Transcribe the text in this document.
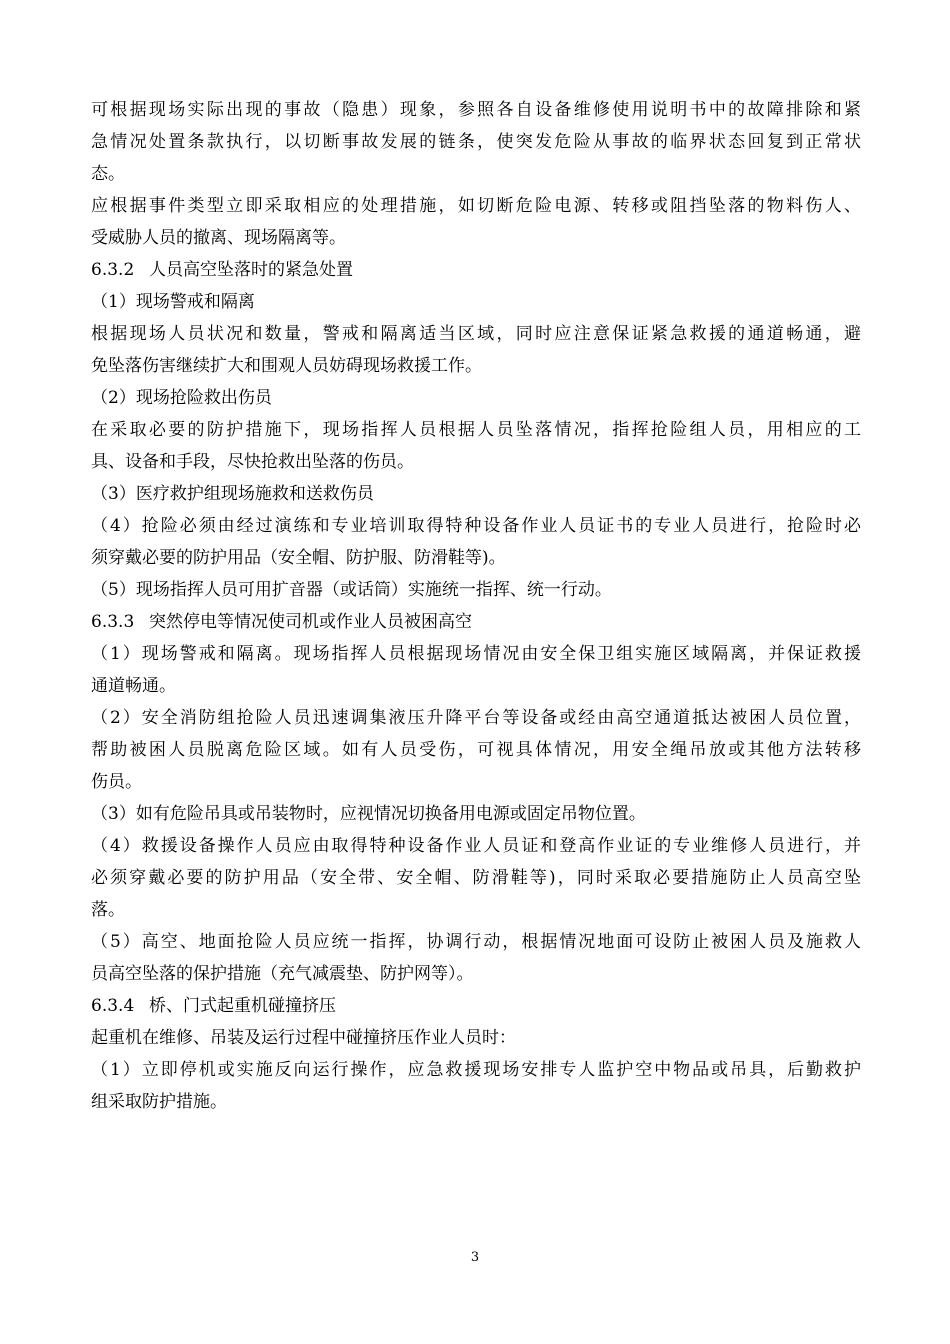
可根据现场实际出现的事故（隐患）现象，参照各自设备维修使用说明书中的故障排除和紧
急情况处置条款执行，以切断事故发展的链条，使突发危险从事故的临界状态回复到正常状
态。
应根据事件类型立即采取相应的处理措施，如切断危险电源、转移或阻挡坠落的物料伤人、
受威胁人员的撤离、现场隔离等。
6.3.2 人员高空坠落时的紧急处置
（1）现场警戒和隔离
根据现场人员状况和数量，警戒和隔离适当区域，同时应注意保证紧急救援的通道畅通，避
免坠落伤害继续扩大和围观人员妨碍现场救援工作。
（2）现场抢险救出伤员
在采取必要的防护措施下，现场指挥人员根据人员坠落情况，指挥抢险组人员，用相应的工
具、设备和手段，尽快抢救出坠落的伤员。
（3）医疗救护组现场施救和送救伤员
（4）抢险必须由经过演练和专业培训取得特种设备作业人员证书的专业人员进行，抢险时必
须穿戴必要的防护用品（安全帽、防护服、防滑鞋等)。
（5）现场指挥人员可用扩音器（或话筒）实施统一指挥、统一行动。
6.3.3 突然停电等情况使司机或作业人员被困高空
（1）现场警戒和隔离。现场指挥人员根据现场情况由安全保卫组实施区域隔离，并保证救援
通道畅通。
（2）安全消防组抢险人员迅速调集液压升降平台等设备或经由高空通道抵达被困人员位置，
帮助被困人员脱离危险区域。如有人员受伤，可视具体情况，用安全绳吊放或其他方法转移
伤员。
（3）如有危险吊具或吊装物时，应视情况切换备用电源或固定吊物位置。
（4）救援设备操作人员应由取得特种设备作业人员证和登高作业证的专业维修人员进行，并
必须穿戴必要的防护用品（安全带、安全帽、防滑鞋等)，同时采取必要措施防止人员高空坠
落。
（5）高空、地面抢险人员应统一指挥，协调行动，根据情况地面可设防止被困人员及施救人
员高空坠落的保护措施（充气减震垫、防护网等）。
6.3.4 桥、门式起重机碰撞挤压
起重机在维修、吊装及运行过程中碰撞挤压作业人员时：
（1）立即停机或实施反向运行操作，应急救援现场安排专人监护空中物品或吊具，后勤救护
组采取防护措施。
3
